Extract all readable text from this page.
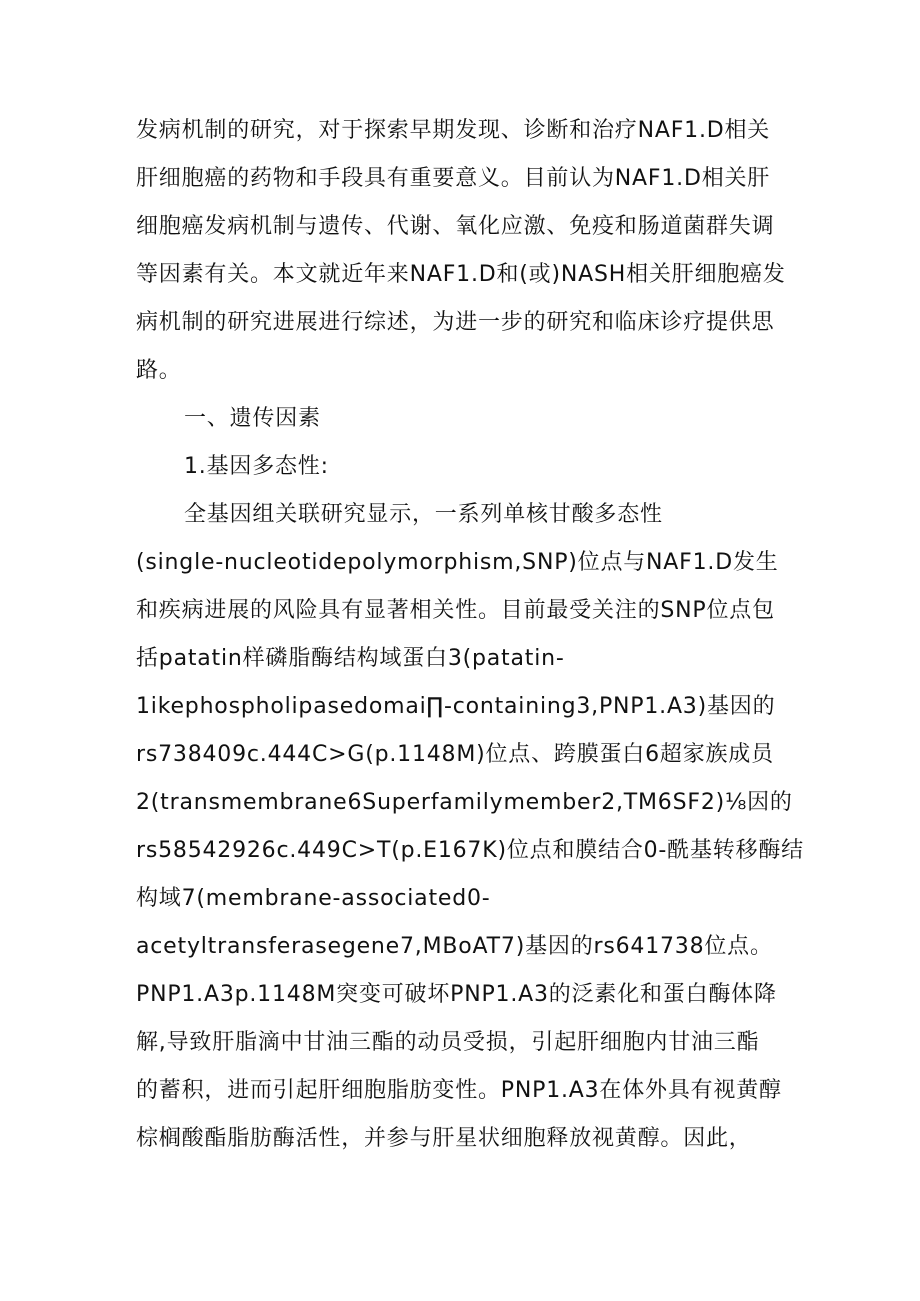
发病机制的研究，对于探索早期发现、诊断和治疗NAF1.D相关
肝细胞癌的药物和手段具有重要意义。目前认为NAF1.D相关肝
细胞癌发病机制与遗传、代谢、氧化应激、免疫和肠道菌群失调
等因素有关。本文就近年来NAF1.D和(或)NASH相关肝细胞癌发
病机制的研究进展进行综述，为进一步的研究和临床诊疗提供思
路。
一、遗传因素
1.基因多态性:
全基因组关联研究显示，一系列单核甘酸多态性
(single-nucleotidepolymorphism,SNP)位点与NAF1.D发生
和疾病进展的风险具有显著相关性。目前最受关注的SNP位点包
括patatin样磷脂酶结构域蛋白3(patatin-
1ikephospholipasedomai∏-containing3,PNP1.A3)基因的
rs738409c.444C>G(p.1148M)位点、跨膜蛋白6超家族成员
2(transmembrane6Superfamilymember2,TM6SF2)⅛因的
rs58542926c.449C>T(p.E167K)位点和膜结合0-酰基转移酶结
构域7(membrane-associated0-
acetyltransferasegene7,MBoAT7)基因的rs641738位点。
PNP1.A3p.1148M突变可破坏PNP1.A3的泛素化和蛋白酶体降
解,导致肝脂滴中甘油三酯的动员受损，引起肝细胞内甘油三酯
的蓄积，进而引起肝细胞脂肪变性。PNP1.A3在体外具有视黄醇
棕榈酸酯脂肪酶活性，并参与肝星状细胞释放视黄醇。因此，
